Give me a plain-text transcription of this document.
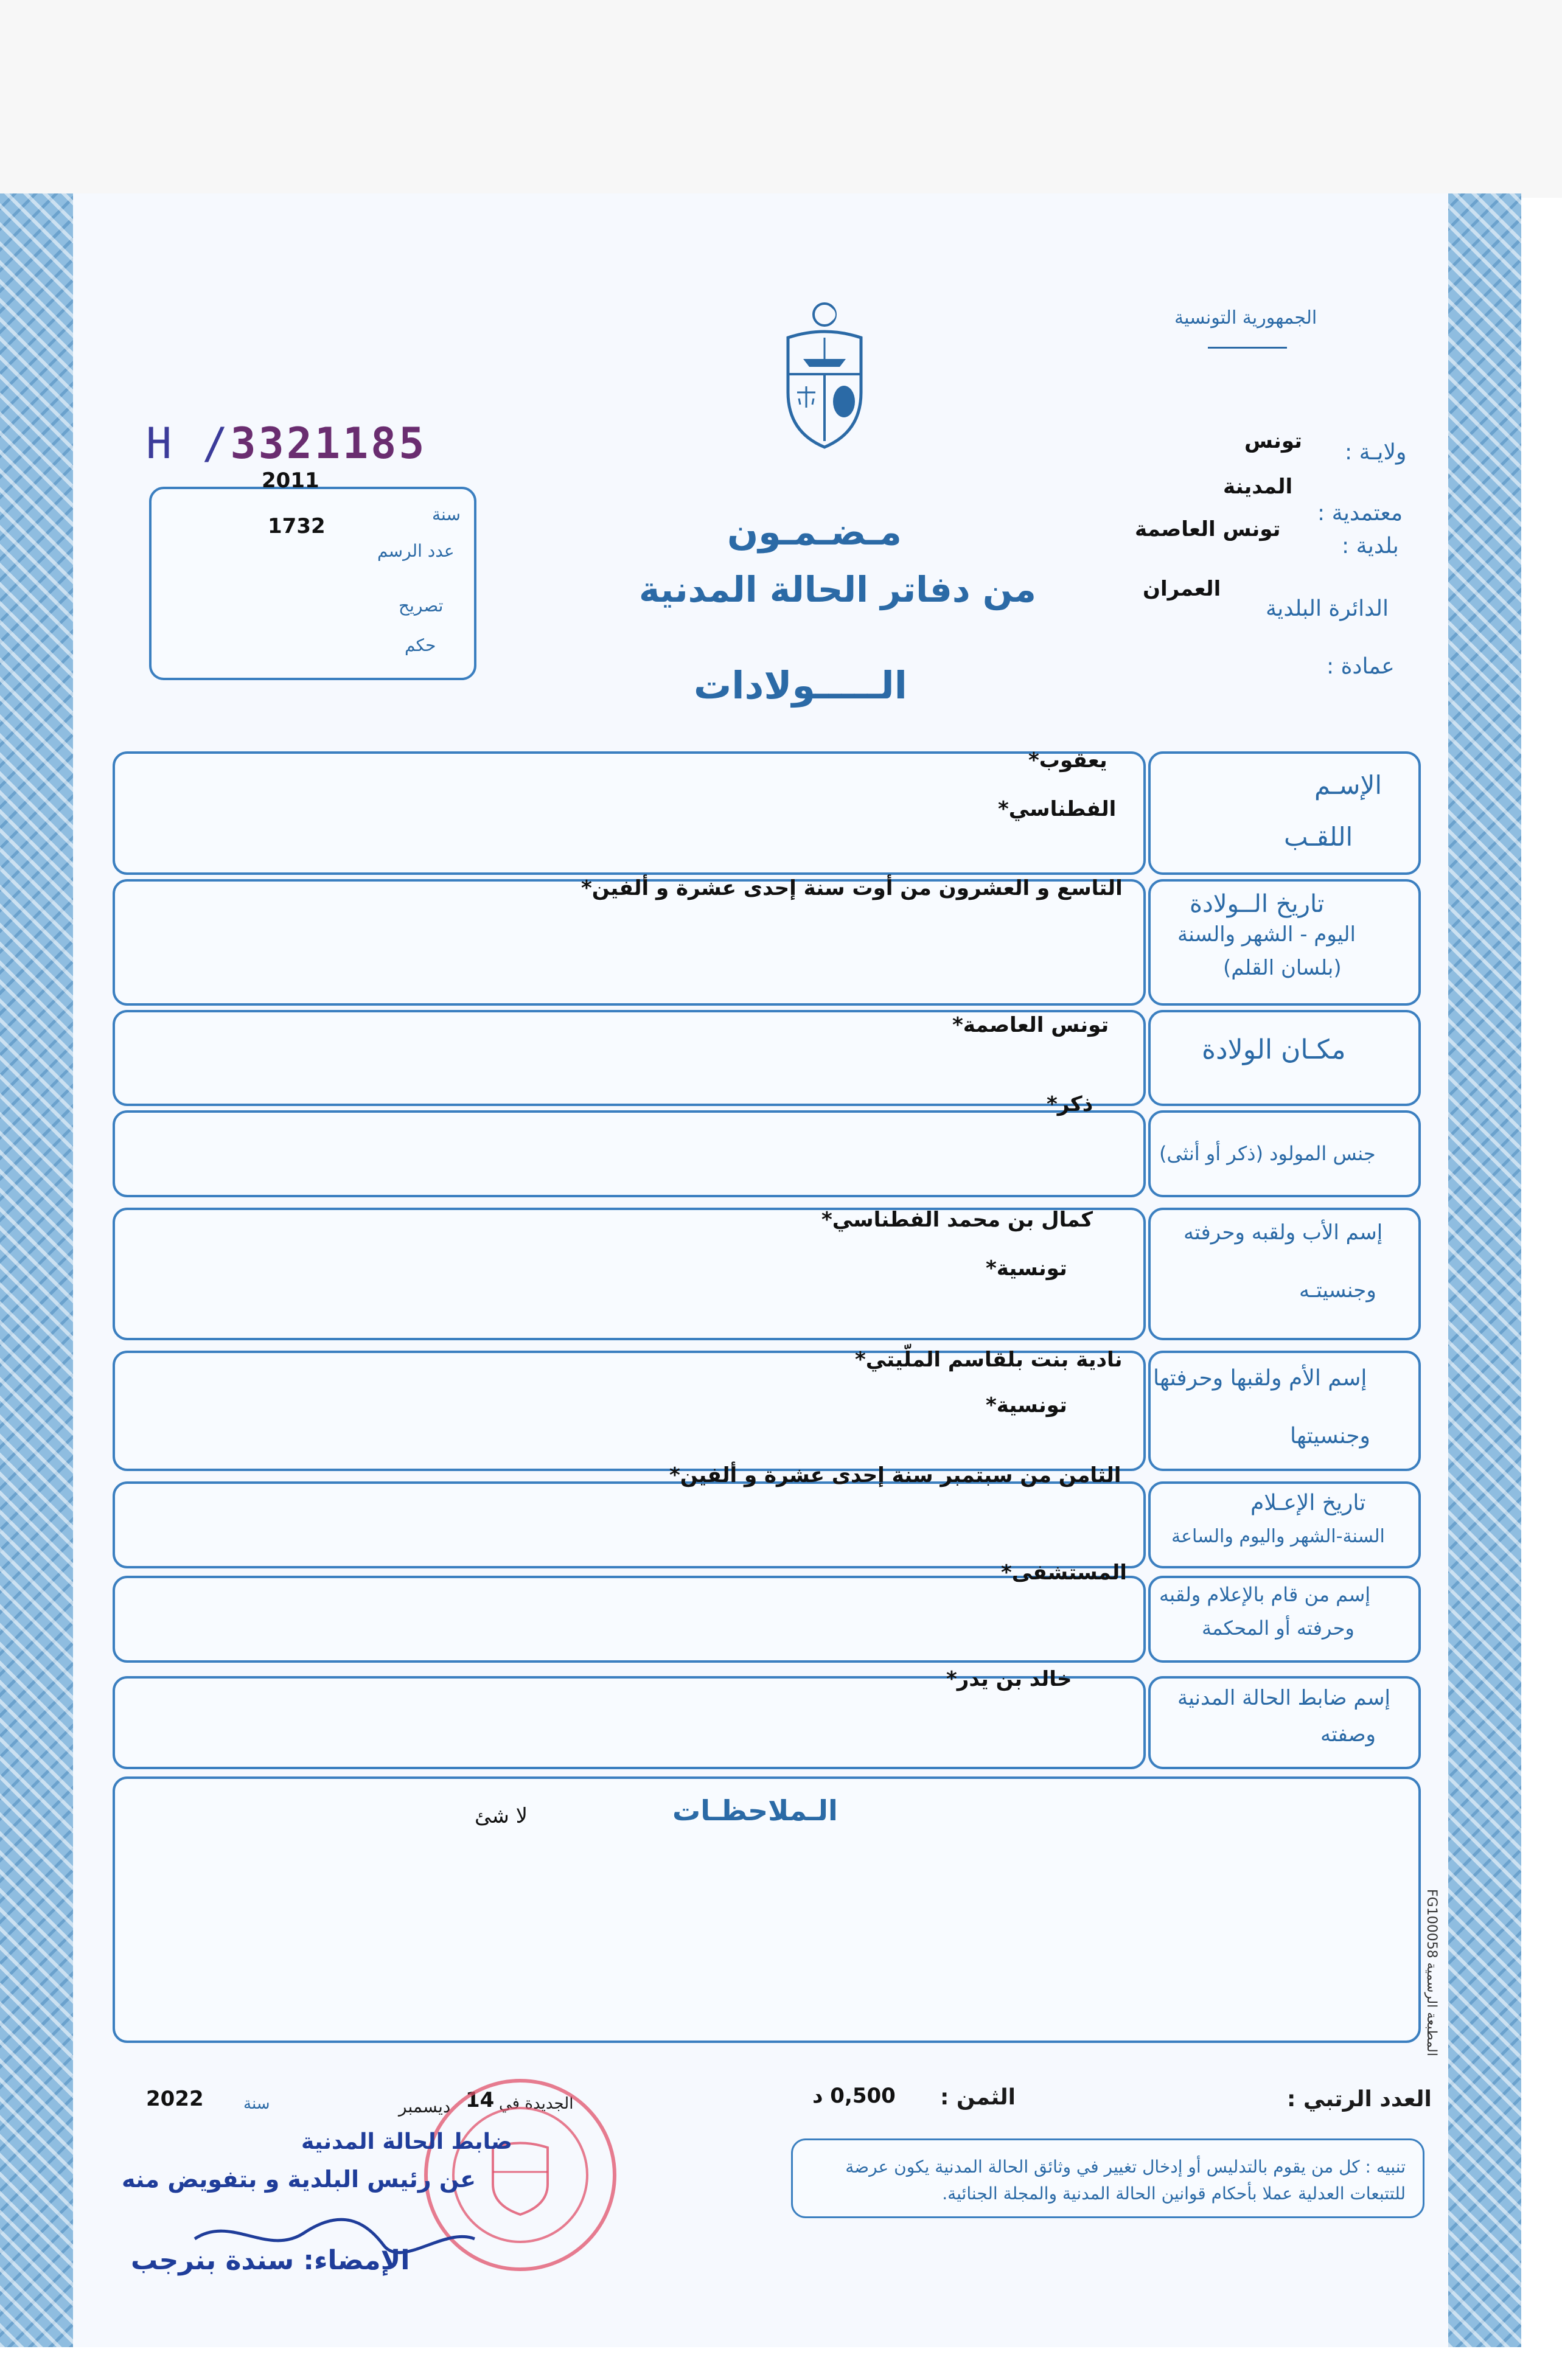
الجمهورية التونسية
H /3321185	ولايـة :
تونس
معتمدية :
المدينة
بلدية :
تونس العاصمة
الدائرة البلدية
العمران
عمادة :
سنة
2011
عدد الرسم
1732
تصريح
حكم
مـضـمـون
من دفاتر الحالة المدنية
الـــــولادات
الإسـم
اللقـب
يعقوب*
الفطناسي*
تاريخ الــولادة
اليوم - الشهر والسنة
(بلسان القلم)
التاسع و العشرون من أوت سنة إحدى عشرة و ألفين*
مكـان الولادة
تونس العاصمة*
جنس المولود (ذكر أو أنثى)
ذكر*
إسم الأب ولقبه وحرفته
وجنسيتـه
كمال بن محمد الفطناسي*
تونسية*
إسم الأم ولقبها وحرفتها
وجنسيتها
نادية بنت بلقاسم الملّيتي*
تونسية*
تاريخ الإعـلام
السنة-الشهر واليوم والساعة
الثامن من سبتمبر سنة إحدى عشرة و ألفين*
إسم من قام بالإعلام ولقبه
وحرفته أو المحكمة
المستشفى*
إسم ضابط الحالة المدنية
وصفته
خالد بن يدر*
الـملاحظـات
لا شئ
المطبعة الرسمية FG100058
العدد الرتبي :
الثمن :
0,500 د
الجديدة في
14
ديسمبر
سنة
2022
تنبيه : كل من يقوم بالتدليس أو إدخال تغيير في وثائق الحالة المدنية يكون عرضة للتتبعات العدلية عملا بأحكام قوانين الحالة المدنية والمجلة الجنائية.
ضابط الحالة المدنية
عن رئيس البلدية و بتفويض منه
الإمضاء: سندة بنرجب
